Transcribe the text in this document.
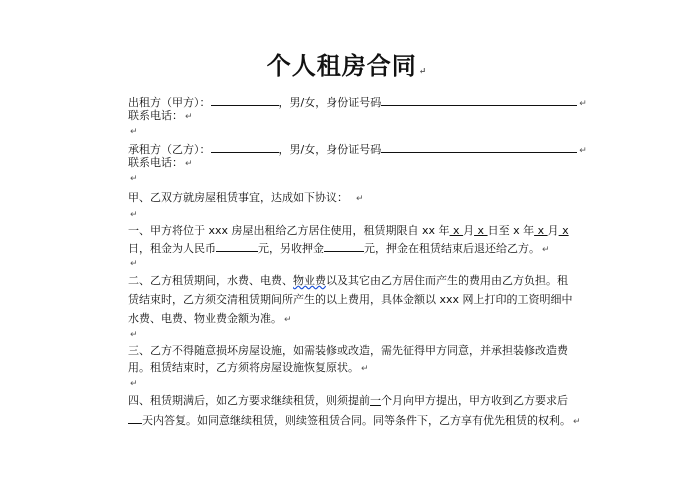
个人租房合同 ↵
出租方（甲方）：	，男/女，身份证号码	↵
联系电话： ↵
↵
承租方（乙方）：	，男/女，身份证号码	↵
联系电话： ↵
↵
甲、乙双方就房屋租赁事宜，达成如下协议： ↵
↵
一、甲方将位于 xxx 房屋出租给乙方居住使用，租赁期限自 xx 年 x 月 x 日至 x 年 x 月 x
日，租金为人民币	元，另收押金	元，押金在租赁结束后退还给乙方。 ↵
↵
二、乙方租赁期间，水费、电费、物业费以及其它由乙方居住而产生的费用由乙方负担。租
赁结束时，乙方须交清租赁期间所产生的以上费用，具体金额以 xxx 网上打印的工资明细中
水费、电费、物业费金额为准。 ↵
↵
三、乙方不得随意损坏房屋设施，如需装修或改造，需先征得甲方同意，并承担装修改造费
用。租赁结束时，乙方须将房屋设施恢复原状。 ↵
↵
四、租赁期满后，如乙方要求继续租赁，则须提前一个月向甲方提出，甲方收到乙方要求后
天内答复。如同意继续租赁，则续签租赁合同。同等条件下，乙方享有优先租赁的权利。 ↵
